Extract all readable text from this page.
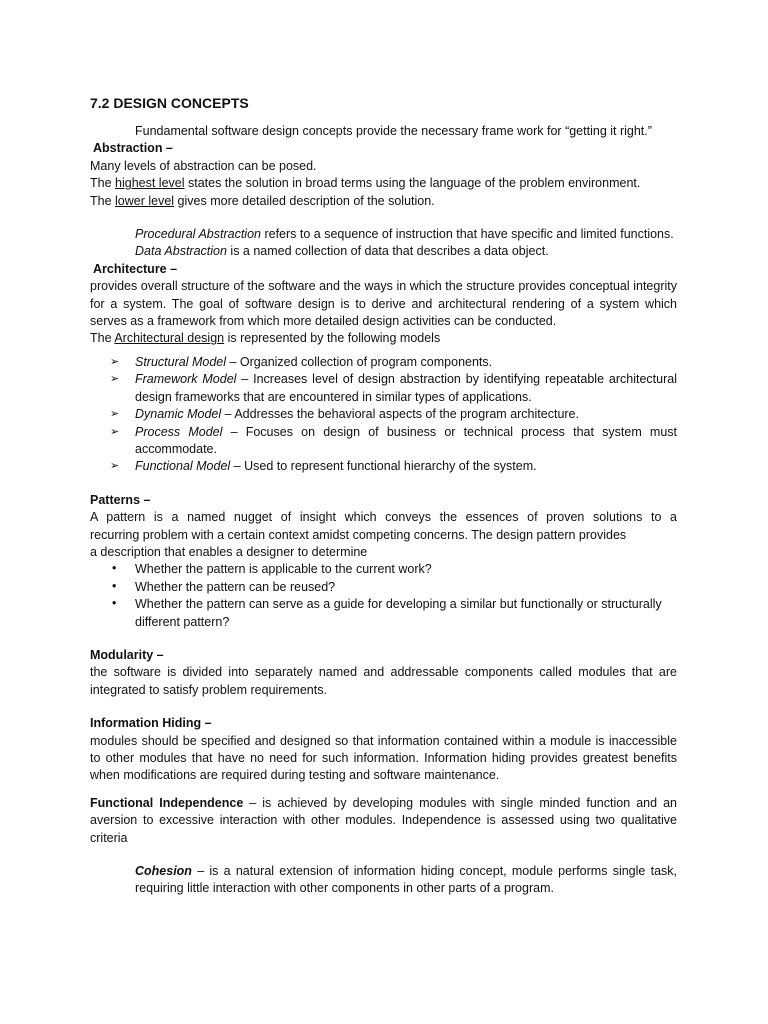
7.2 DESIGN CONCEPTS

Fundamental software design concepts provide the necessary frame work for “getting it right.”

Abstraction –

Many levels of abstraction can be posed.

The highest level states the solution in broad terms using the language of the problem environment.

The lower level gives more detailed description of the solution.

Procedural Abstraction refers to a sequence of instruction that have specific and limited functions.

Data Abstraction is a named collection of data that describes a data object.

Architecture –

provides overall structure of the software and the ways in which the structure provides conceptual integrity for a system. The goal of software design is to derive and architectural rendering of a system which serves as a framework from which more detailed design activities can be conducted.

The Architectural design is represented by the following models

➢ Structural Model – Organized collection of program components.
➢ Framework Model – Increases level of design abstraction by identifying repeatable architectural design frameworks that are encountered in similar types of applications.
➢ Dynamic Model – Addresses the behavioral aspects of the program architecture.
➢ Process Model – Focuses on design of business or technical process that system must accommodate.
➢ Functional Model – Used to represent functional hierarchy of the system.

Patterns –

A pattern is a named nugget of insight which conveys the essences of proven solutions to a

recurring problem with a certain context amidst competing concerns. The design pattern provides

a description that enables a designer to determine

• Whether the pattern is applicable to the current work?
• Whether the pattern can be reused?
• Whether the pattern can serve as a guide for developing a similar but functionally or structurally different pattern?

Modularity –

the software is divided into separately named and addressable components called modules that are integrated to satisfy problem requirements.

Information Hiding –

modules should be specified and designed so that information contained within a module is inaccessible to other modules that have no need for such information. Information hiding provides greatest benefits when modifications are required during testing and software maintenance.

Functional Independence – is achieved by developing modules with single minded function and an aversion to excessive interaction with other modules. Independence is assessed using two qualitative criteria

Cohesion – is a natural extension of information hiding concept, module performs single task, requiring little interaction with other components in other parts of a program.
